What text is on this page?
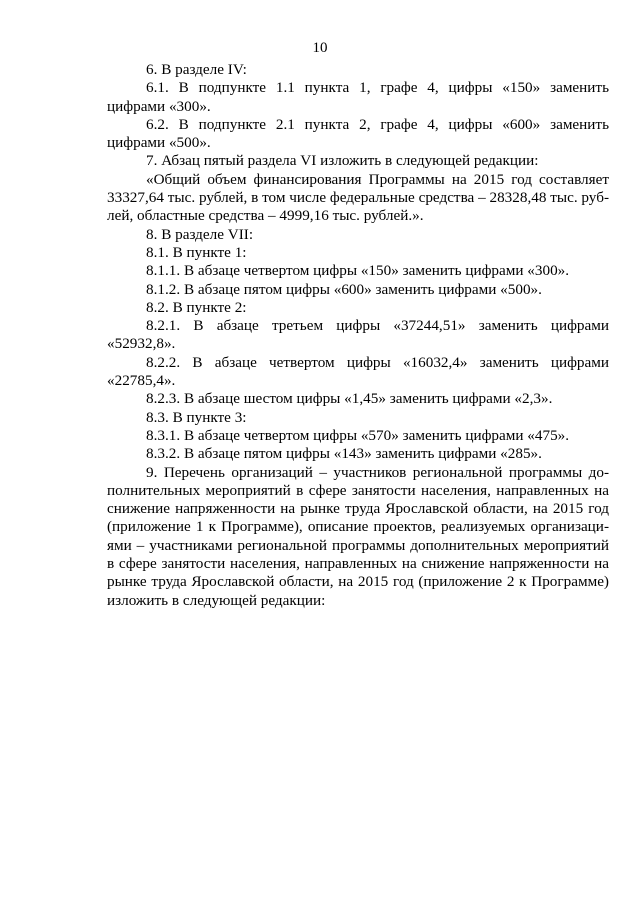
10

6. В разделе IV:

6.1. В подпункте 1.1 пункта 1, графе 4, цифры «150» заменить цифрами «300».

6.2. В подпункте 2.1 пункта 2, графе 4, цифры «600» заменить цифрами «500».

7. Абзац пятый раздела VI изложить в следующей редакции:

«Общий объем финансирования Программы на 2015 год составляет 33327,64 тыс. рублей, в том числе федеральные средства – 28328,48 тыс. рублей, областные средства – 4999,16 тыс. рублей.».

8. В разделе VII:

8.1. В пункте 1:

8.1.1. В абзаце четвертом цифры «150» заменить цифрами «300».

8.1.2. В абзаце пятом цифры «600» заменить цифрами «500».

8.2. В пункте 2:

8.2.1. В абзаце третьем цифры «37244,51» заменить цифрами «52932,8».

8.2.2. В абзаце четвертом цифры «16032,4» заменить цифрами «22785,4».

8.2.3. В абзаце шестом цифры «1,45» заменить цифрами «2,3».

8.3. В пункте 3:

8.3.1. В абзаце четвертом цифры «570» заменить цифрами «475».

8.3.2. В абзаце пятом цифры «143» заменить цифрами «285».

9. Перечень организаций – участников региональной программы дополнительных мероприятий в сфере занятости населения, направленных на снижение напряженности на рынке труда Ярославской области, на 2015 год (приложение 1 к Программе), описание проектов, реализуемых организациями – участниками региональной программы дополнительных мероприятий в сфере занятости населения, направленных на снижение напряженности на рынке труда Ярославской области, на 2015 год (приложение 2 к Программе) изложить в следующей редакции:
